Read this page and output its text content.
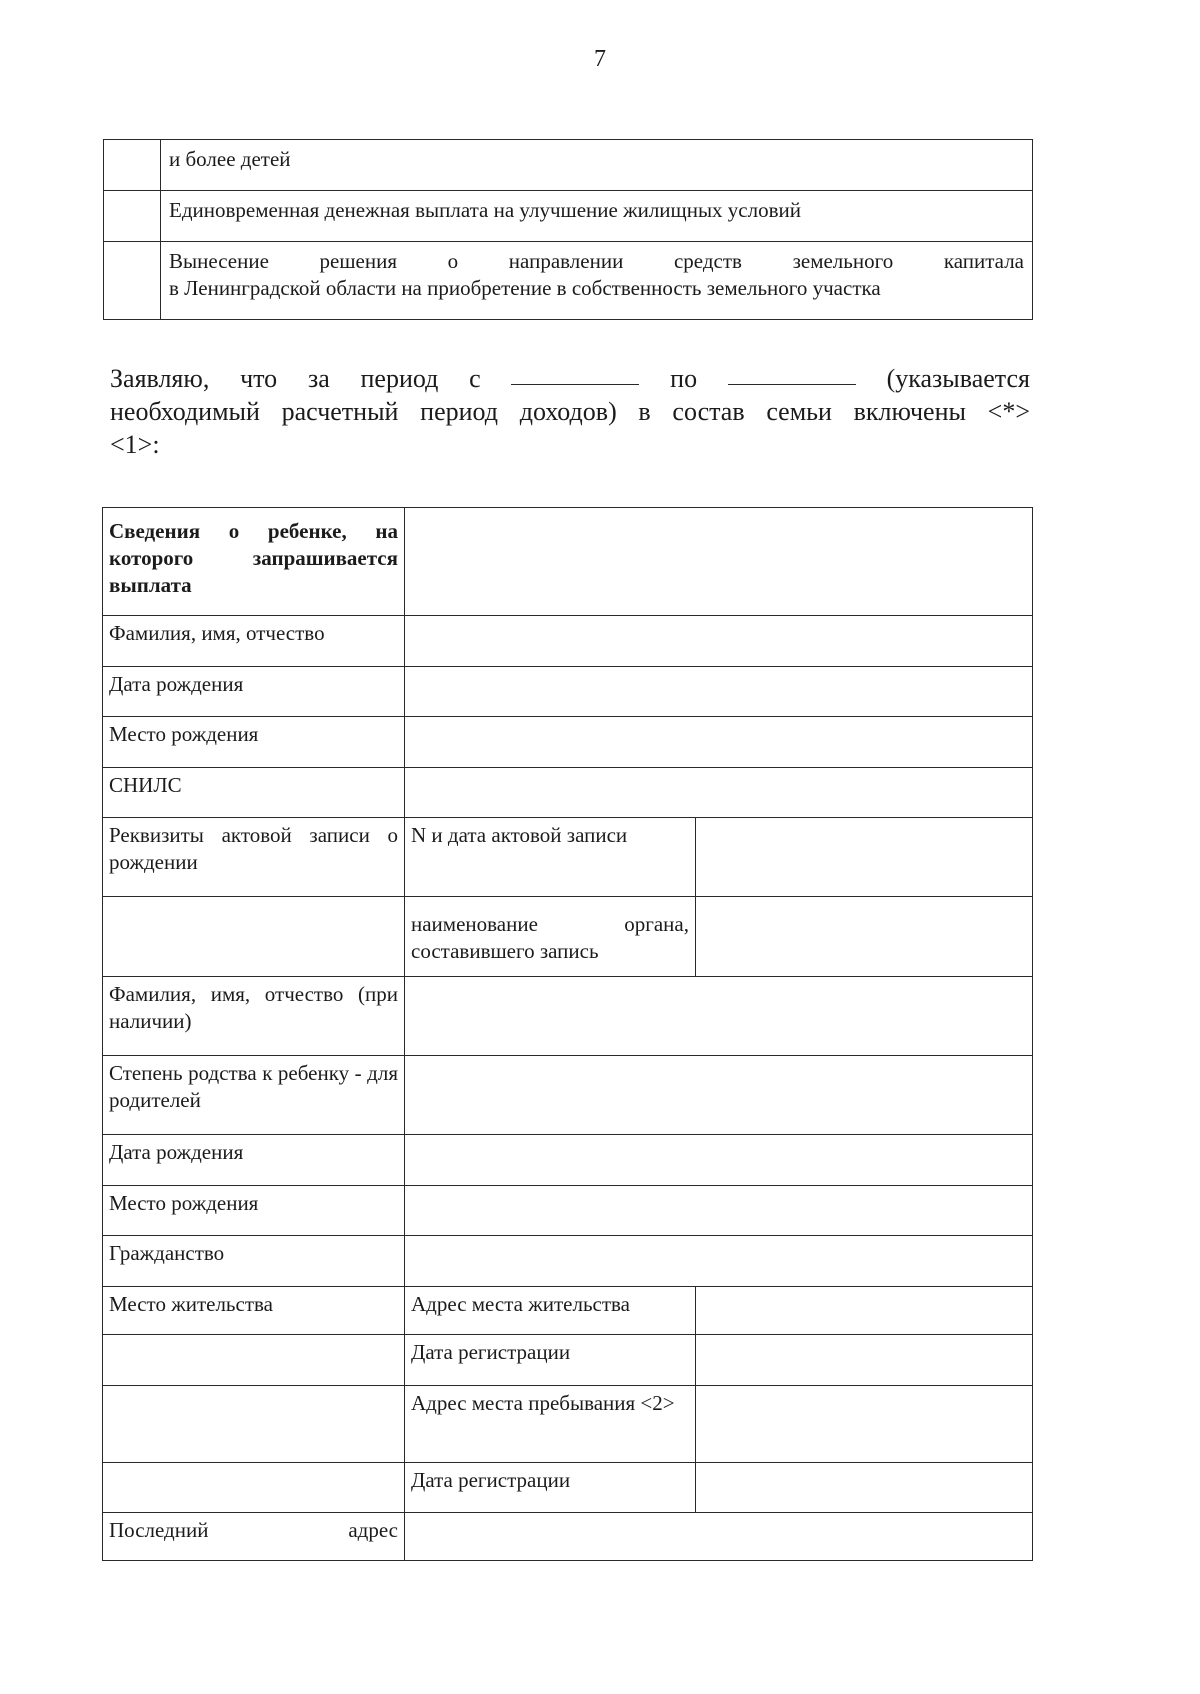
7
	и более детей
	Единовременная денежная выплата на улучшение жилищных условий

	Вынесение решения о направлении средств земельного капитала
в Ленинградской области на приобретение в собственность земельного участка
Заявляю, что за период с	по	(указывается
необходимый расчетный период доходов) в состав семьи включены <*>
<1>:
Сведения о ребенке, на которого запрашивается выплата		
Фамилия, имя, отчество		
Дата рождения		
Место рождения		
СНИЛС		
Реквизиты актовой записи о рождении	N и дата актовой записи	
	наименование органа, составившего запись	
Фамилия, имя, отчество (при наличии)		
Степень родства к ребенку - для родителей		
Дата рождения		
Место рождения		
Гражданство		
Место жительства	Адрес места жительства	
	Дата регистрации	
	Адрес места пребывания <2>	
	Дата регистрации	
Последний адрес		
